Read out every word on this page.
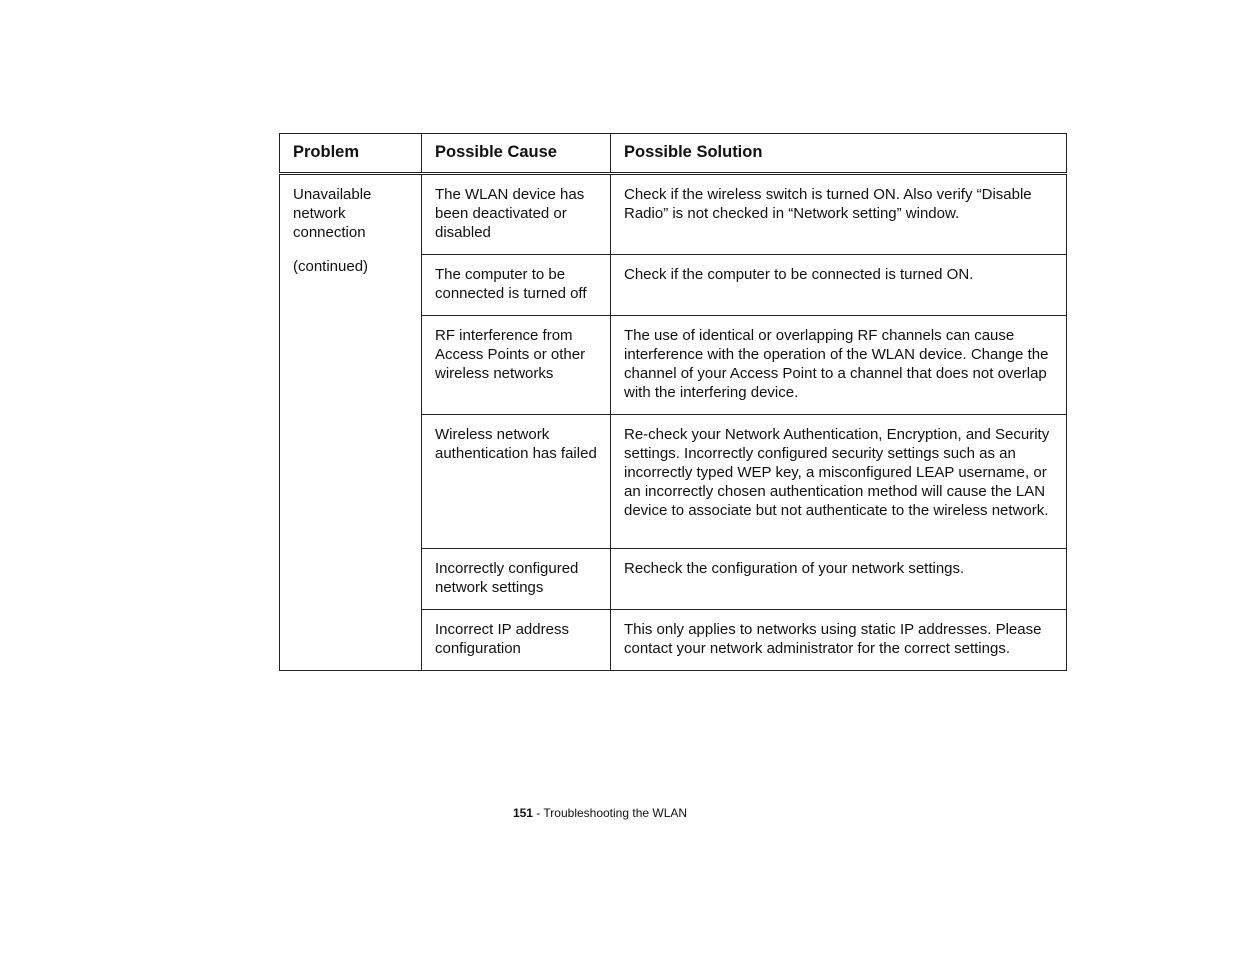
Problem	Possible Cause	Possible Solution

Unavailable network connection
(continued)	The WLAN device has been deactivated or disabled	Check if the wireless switch is turned ON. Also verify “Disable Radio” is not checked in “Network setting” window.
	The computer to be connected is turned off	Check if the computer to be connected is turned ON.
	RF interference from Access Points or other wireless networks	The use of identical or overlapping RF channels can cause interference with the operation of the WLAN device. Change the channel of your Access Point to a channel that does not overlap with the interfering device.
	Wireless network authentication has failed	Re-check your Network Authentication, Encryption, and Security settings. Incorrectly configured security settings such as an incorrectly typed WEP key, a misconfigured LEAP username, or an incorrectly chosen authentication method will cause the LAN device to associate but not authenticate to the wireless network.
	Incorrectly configured network settings	Recheck the configuration of your network settings.
	Incorrect IP address configuration	This only applies to networks using static IP addresses. Please contact your network administrator for the correct settings.
151 - Troubleshooting the WLAN
